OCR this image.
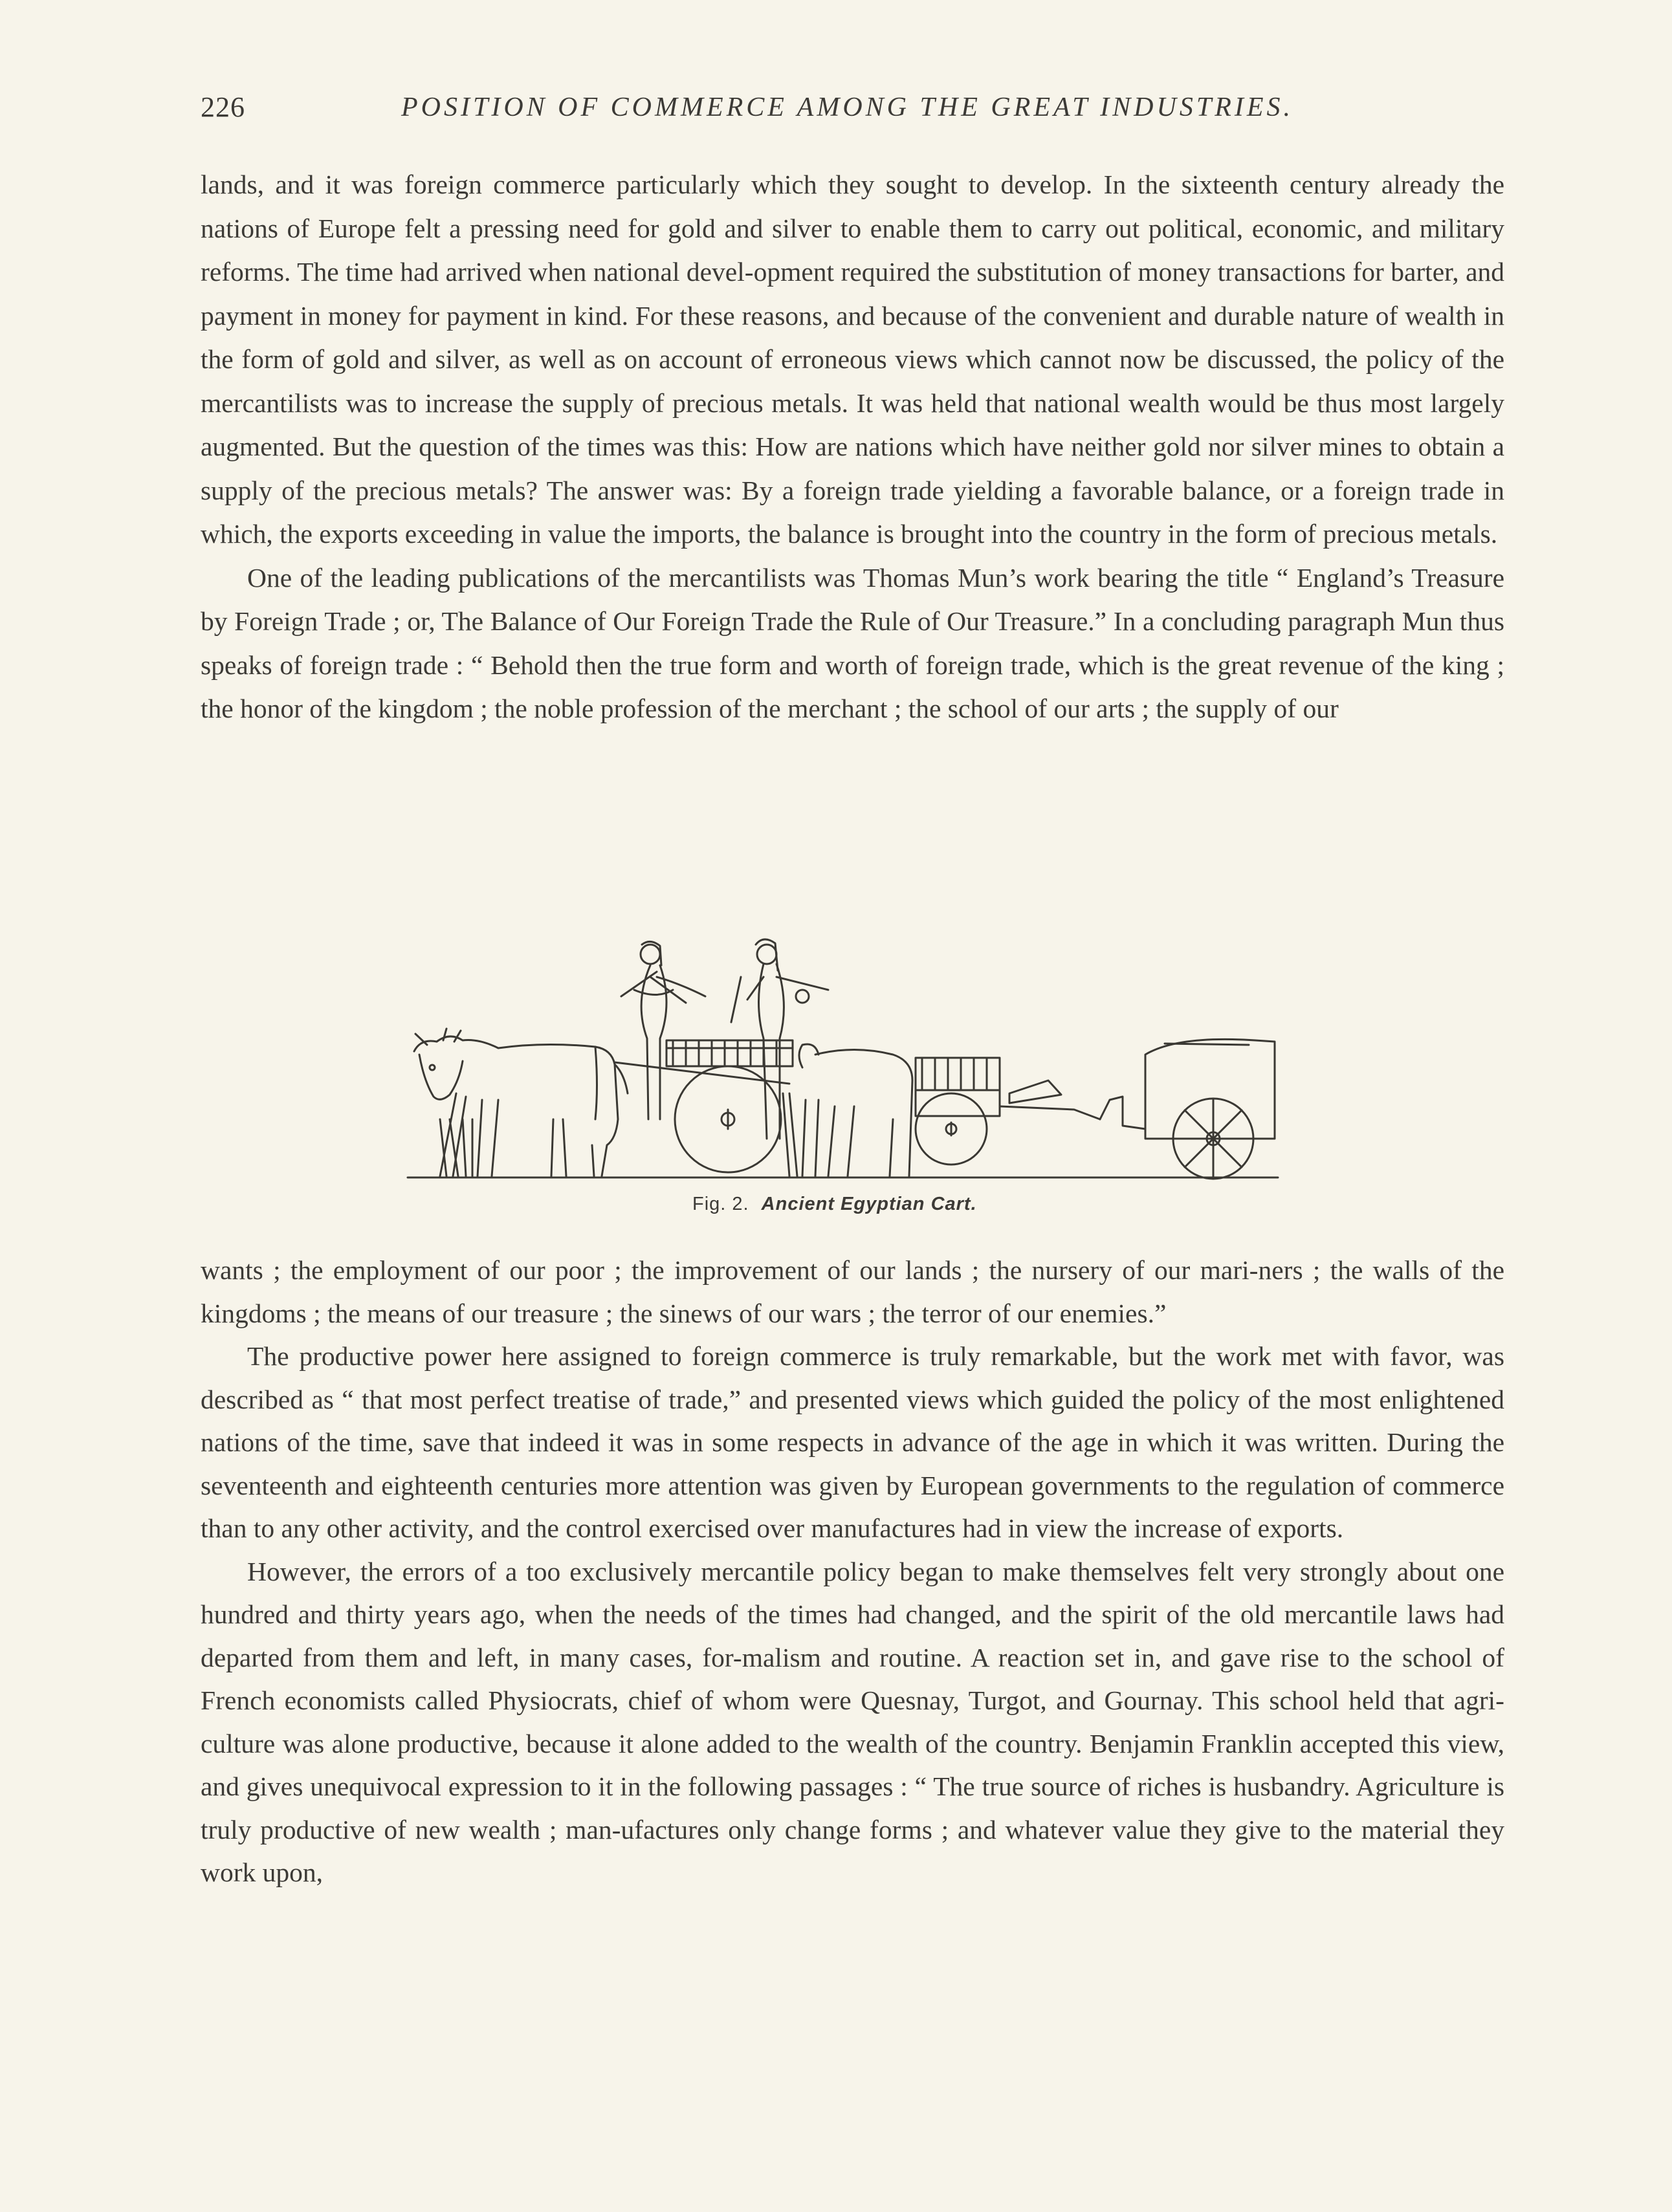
226	POSITION OF COMMERCE AMONG THE GREAT INDUSTRIES.

lands, and it was foreign commerce particularly which they sought to develop. In the sixteenth century already the nations of Europe felt a pressing need for gold and silver to enable them to carry out political, economic, and military reforms. The time had arrived when national devel-opment required the substitution of money transactions for barter, and payment in money for payment in kind. For these reasons, and because of the convenient and durable nature of wealth in the form of gold and silver, as well as on account of erroneous views which cannot now be discussed, the policy of the mercantilists was to increase the supply of precious metals. It was held that national wealth would be thus most largely augmented. But the question of the times was this: How are nations which have neither gold nor silver mines to obtain a supply of the precious metals? The answer was: By a foreign trade yielding a favorable balance, or a foreign trade in which, the exports exceeding in value the imports, the balance is brought into the country in the form of precious metals.

One of the leading publications of the mercantilists was Thomas Mun’s work bearing the title “ England’s Treasure by Foreign Trade ; or, The Balance of Our Foreign Trade the Rule of Our Treasure.” In a concluding paragraph Mun thus speaks of foreign trade : “ Behold then the true form and worth of foreign trade, which is the great revenue of the king ; the honor of the kingdom ; the noble profession of the merchant ; the school of our arts ; the supply of our

Fig. 2. Ancient Egyptian Cart.

wants ; the employment of our poor ; the improvement of our lands ; the nursery of our mari-ners ; the walls of the kingdoms ; the means of our treasure ; the sinews of our wars ; the terror of our enemies.”

The productive power here assigned to foreign commerce is truly remarkable, but the work met with favor, was described as “ that most perfect treatise of trade,” and presented views which guided the policy of the most enlightened nations of the time, save that indeed it was in some respects in advance of the age in which it was written. During the seventeenth and eighteenth centuries more attention was given by European governments to the regulation of commerce than to any other activity, and the control exercised over manufactures had in view the increase of exports.

However, the errors of a too exclusively mercantile policy began to make themselves felt very strongly about one hundred and thirty years ago, when the needs of the times had changed, and the spirit of the old mercantile laws had departed from them and left, in many cases, for-malism and routine. A reaction set in, and gave rise to the school of French economists called Physiocrats, chief of whom were Quesnay, Turgot, and Gournay. This school held that agri-culture was alone productive, because it alone added to the wealth of the country. Benjamin Franklin accepted this view, and gives unequivocal expression to it in the following passages : “ The true source of riches is husbandry. Agriculture is truly productive of new wealth ; man-ufactures only change forms ; and whatever value they give to the material they work upon,
